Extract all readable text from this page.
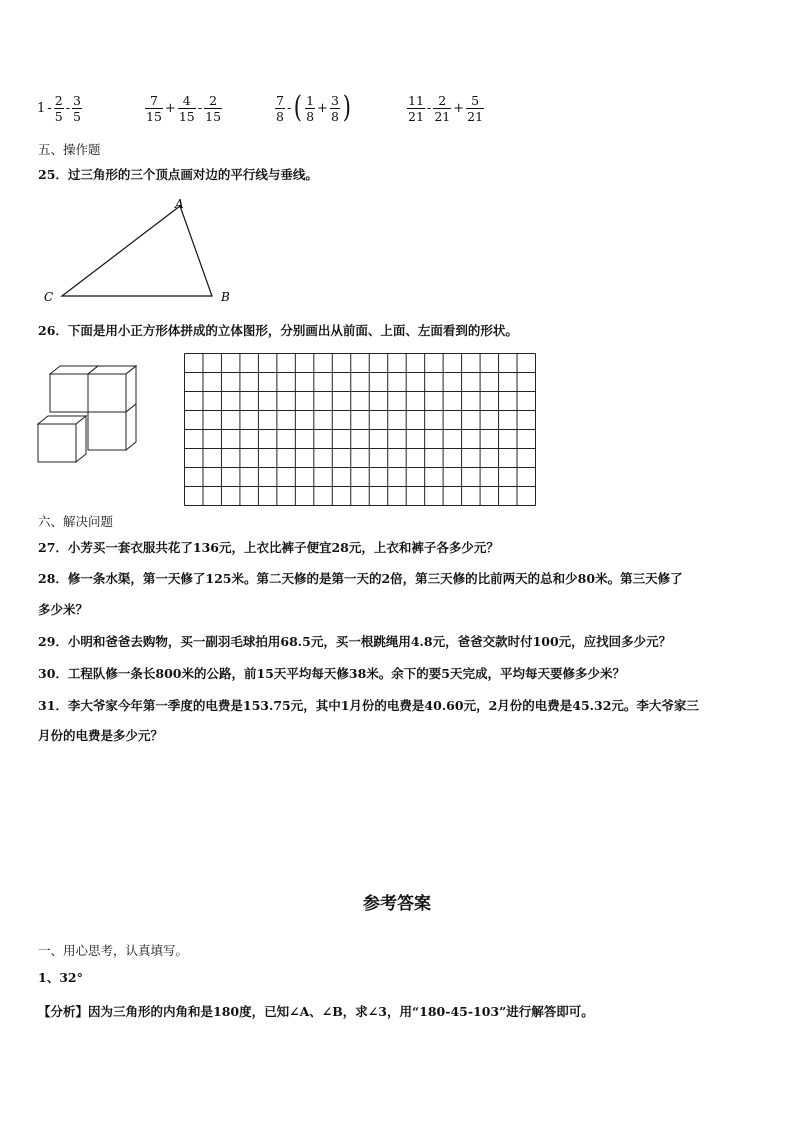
$1 - \frac{2}{5} - \frac{3}{5}$	$\frac{7}{15} + \frac{4}{15} - \frac{2}{15}$	$\frac{7}{8}$ - ( $\frac{1}{8} + \frac{3}{8}$ )	$\frac{11}{21} - \frac{2}{21} + \frac{5}{21}$
五、操作题
25．过三角形的三个顶点画对边的平行线与垂线。
A
C	B
26．下面是用小正方形体拼成的立体图形，分别画出从前面、上面、左面看到的形状。
六、解决问题
27．小芳买一套衣服共花了136元，上衣比裤子便宜28元，上衣和裤子各多少元？
28．修一条水渠，第一天修了125米。第二天修的是第一天的2倍，第三天修的比前两天的总和少80米。第三天修了
多少米？
29．小明和爸爸去购物，买一副羽毛球拍用68.5元，买一根跳绳用4.8元，爸爸交款时付100元，应找回多少元？
30．工程队修一条长800米的公路，前15天平均每天修38米。余下的要5天完成，平均每天要修多少米？
31．李大爷家今年第一季度的电费是153.75元，其中1月份的电费是40.60元，2月份的电费是45.32元。李大爷家三
月份的电费是多少元？
参考答案
一、用心思考，认真填写。
1、32°
【分析】因为三角形的内角和是180度，已知∠A、∠B，求∠3，用“180-45-103”进行解答即可。
